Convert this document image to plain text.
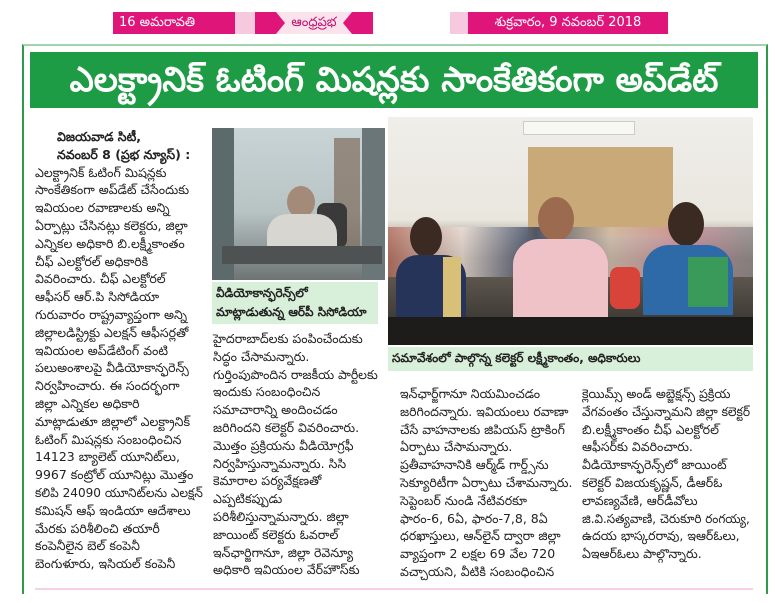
16 అమరావతి	ఆంధ్రప్రభ	శుక్రవారం, 9 నవంబర్ 2018
ఎలక్ట్రానిక్ ఓటింగ్ మిషన్లకు సాంకేతికంగా అప్‌డేట్
విజయవాడ సిటీ,
నవంబర్ 8 (ప్రభ న్యూస్) :
ఎలక్ట్రానిక్ ఓటింగ్ మిషన్లకు
సాంకేతికంగా అప్‌డేట్ చేసేందుకు
ఇవియంల రవాణాలకు అన్ని
ఏర్పాట్లు చేసినట్లు కలెక్టరు, జిల్లా
ఎన్నికల అధికారి బి.లక్ష్మీకాంతం
చీఫ్ ఎలక్టోరల్ అధికారికి
వివరించారు. చీఫ్ ఎలక్టోరల్
ఆఫీసర్ ఆర్.పి సిసోడియా
గురువారం రాష్ట్రవ్యాప్తంగా అన్ని
జిల్లాలడిస్ట్రిక్టు ఎలక్షన్ ఆఫీసర్లతో
ఇవియంల అప్‌డేటింగ్ వంటి
పలుఅంశాలపై వీడియోకాన్ఫరెన్స్
నిర్వహించారు. ఈ సందర్భంగా
జిల్లా ఎన్నికల అధికారి
మాట్లాడుతూ జిల్లాలో ఎలక్ట్రానిక్
ఓటింగ్ మిషన్లకు సంబంధించిన
14123 బ్యాలెట్ యూనిట్‌లు,
9967 కంట్రోల్ యూనిట్లు మొత్తం
కలిపి 24090 యూనిట్‌లను ఎలక్షన్
కమిషన్ ఆఫ్ ఇండియా ఆదేశాలు
మేరకు పరిశీలించి తయారీ
కంపెనీలైన బెల్ కంపెనీ
బెంగుళూరు, ఇసియల్ కంపెనీ
హైదరాబాద్‌లకు పంపించేందుకు
సిద్ధం చేసామన్నారు.
గుర్తింపుపొందిన రాజకీయ పార్టీలకు
ఇందుకు సంబంధించిన
సమాచారాన్ని అందించడం
జరిగిందని కలెక్టర్ వివరించారు.
మొత్తం ప్రక్రియను వీడియోగ్రఫీ
నిర్వహిస్తున్నామన్నారు. సిసి
కెమారాల పర్యవేక్షణతో
ఎప్పటికప్పుడు
పరిశీలిస్తున్నామన్నారు. జిల్లా
జాయింట్ కలెక్టరు ఓవరాల్
ఇన్‌ఛార్జిగానూ, జిల్లా రెవెన్యూ
అధికారి ఇవియంల వేర్‌హౌస్‌కు
ఇన్‌ఛార్జ్‌గానూ నియమించడం
జరిగిందన్నారు. ఇవియంలు రవాణా
చేసే వాహనాలకు జిపియస్ ట్రాకింగ్
ఏర్పాటు చేసామన్నారు.
ప్రతీవాహనానికి ఆర్మ్‌డ్ గార్డ్స్‌ను
సెక్యూరిటీగా ఏర్పాటు చేశామన్నారు.
సెప్టెంబర్ నుండి నేటివరకూ
ఫారం-6, 6ఏ, ఫారం-7,8, 8ఏ
ధరఖాస్తులు, ఆన్‌లైన్ ద్వారా జిల్లా
వ్యాప్తంగా 2 లక్షల 69 వేల 720
వచ్చాయని, వీటికి సంబంధించిన
క్లెయిమ్స్ అండ్ అబ్జెక్షన్స్ ప్రక్రియ
వేగవంతం చేస్తున్నామని జిల్లా కలెక్టర్
బి.లక్ష్మీకాంతం చీఫ్ ఎలక్టోరల్
ఆఫీసర్‌కు వివరించారు.
వీడియోకాన్ఫరెన్స్‌లో జాయింట్
కలెక్టర్ విజయకృష్ణన్, డీఆర్‌ఓ
లావణ్యవేణి, ఆర్‌డీవోలు
జి.వి.సత్యవాణి, చెరుకూరి రంగయ్య,
ఉదయ భాస్కరరావు, ఇఆర్‌ఓలు,
ఏఇఆర్‌ఓలు పాల్గొన్నారు.
వీడియోకాన్ఫరెన్స్‌లో
మాట్లాడుతున్న ఆర్‌పీ సిసోడియా
సమావేశంలో పాల్గొన్న కలెక్టర్ లక్ష్మీకాంతం, అధికారులు
